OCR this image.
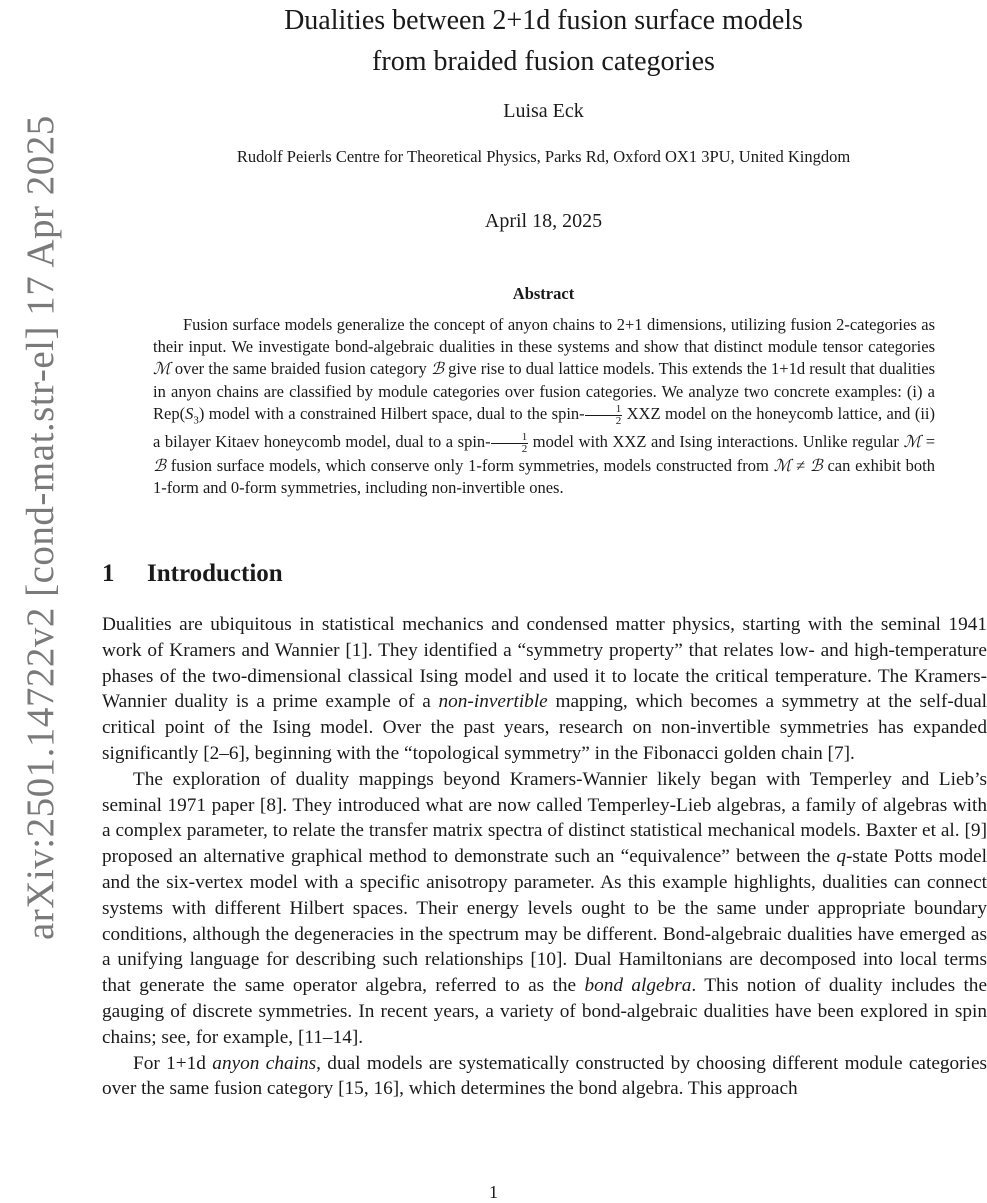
arXiv:2501.14722v2 [cond-mat.str-el] 17 Apr 2025
Dualities between 2+1d fusion surface models
from braided fusion categories
Luisa Eck
Rudolf Peierls Centre for Theoretical Physics, Parks Rd, Oxford OX1 3PU, United Kingdom
April 18, 2025
Abstract

Fusion surface models generalize the concept of anyon chains to 2+1 dimensions, utilizing fusion 2-categories as their input. We investigate bond-algebraic dualities in these systems and show that distinct module tensor categories ℳ over the same braided fusion category ℬ give rise to dual lattice models. This extends the 1+1d result that dualities in anyon chains are classified by module categories over fusion categories. We analyze two concrete examples: (i) a $Rep(S_3)$ model with a constrained Hilbert space, dual to the spin- $\frac{1}{2}$ XXZ model on the honeycomb lattice, and (ii) a bilayer Kitaev honeycomb model, dual to a spin- $\frac{1}{2}$ model with XXZ and Ising interactions. Unlike regular ℳ = ℬ fusion surface models, which conserve only 1-form symmetries, models constructed from ℳ ≠ ℬ can exhibit both 1-form and 0-form symmetries, including non-invertible ones.

1 Introduction

Dualities are ubiquitous in statistical mechanics and condensed matter physics, starting with the seminal 1941 work of Kramers and Wannier [1]. They identified a “symmetry property” that relates low- and high-temperature phases of the two-dimensional classical Ising model and used it to locate the critical temperature. The Kramers-Wannier duality is a prime example of a non-invertible mapping, which becomes a symmetry at the self-dual critical point of the Ising model. Over the past years, research on non-invertible symmetries has expanded significantly [2–6], beginning with the “topological symmetry” in the Fibonacci golden chain [7].

The exploration of duality mappings beyond Kramers-Wannier likely began with Temperley and Lieb’s seminal 1971 paper [8]. They introduced what are now called Temperley-Lieb algebras, a family of algebras with a complex parameter, to relate the transfer matrix spectra of distinct statistical mechanical models. Baxter et al. [9] proposed an alternative graphical method to demonstrate such an “equivalence” between the q-state Potts model and the six-vertex model with a specific anisotropy parameter. As this example highlights, dualities can connect systems with different Hilbert spaces. Their energy levels ought to be the same under appropriate boundary conditions, although the degeneracies in the spectrum may be different. Bond-algebraic dualities have emerged as a unifying language for describing such relationships [10]. Dual Hamiltonians are decomposed into local terms that generate the same operator algebra, referred to as the bond algebra. This notion of duality includes the gauging of discrete symmetries. In recent years, a variety of bond-algebraic dualities have been explored in spin chains; see, for example, [11–14].

For 1+1d anyon chains, dual models are systematically constructed by choosing different module categories over the same fusion category [15, 16], which determines the bond algebra. This approach

1
